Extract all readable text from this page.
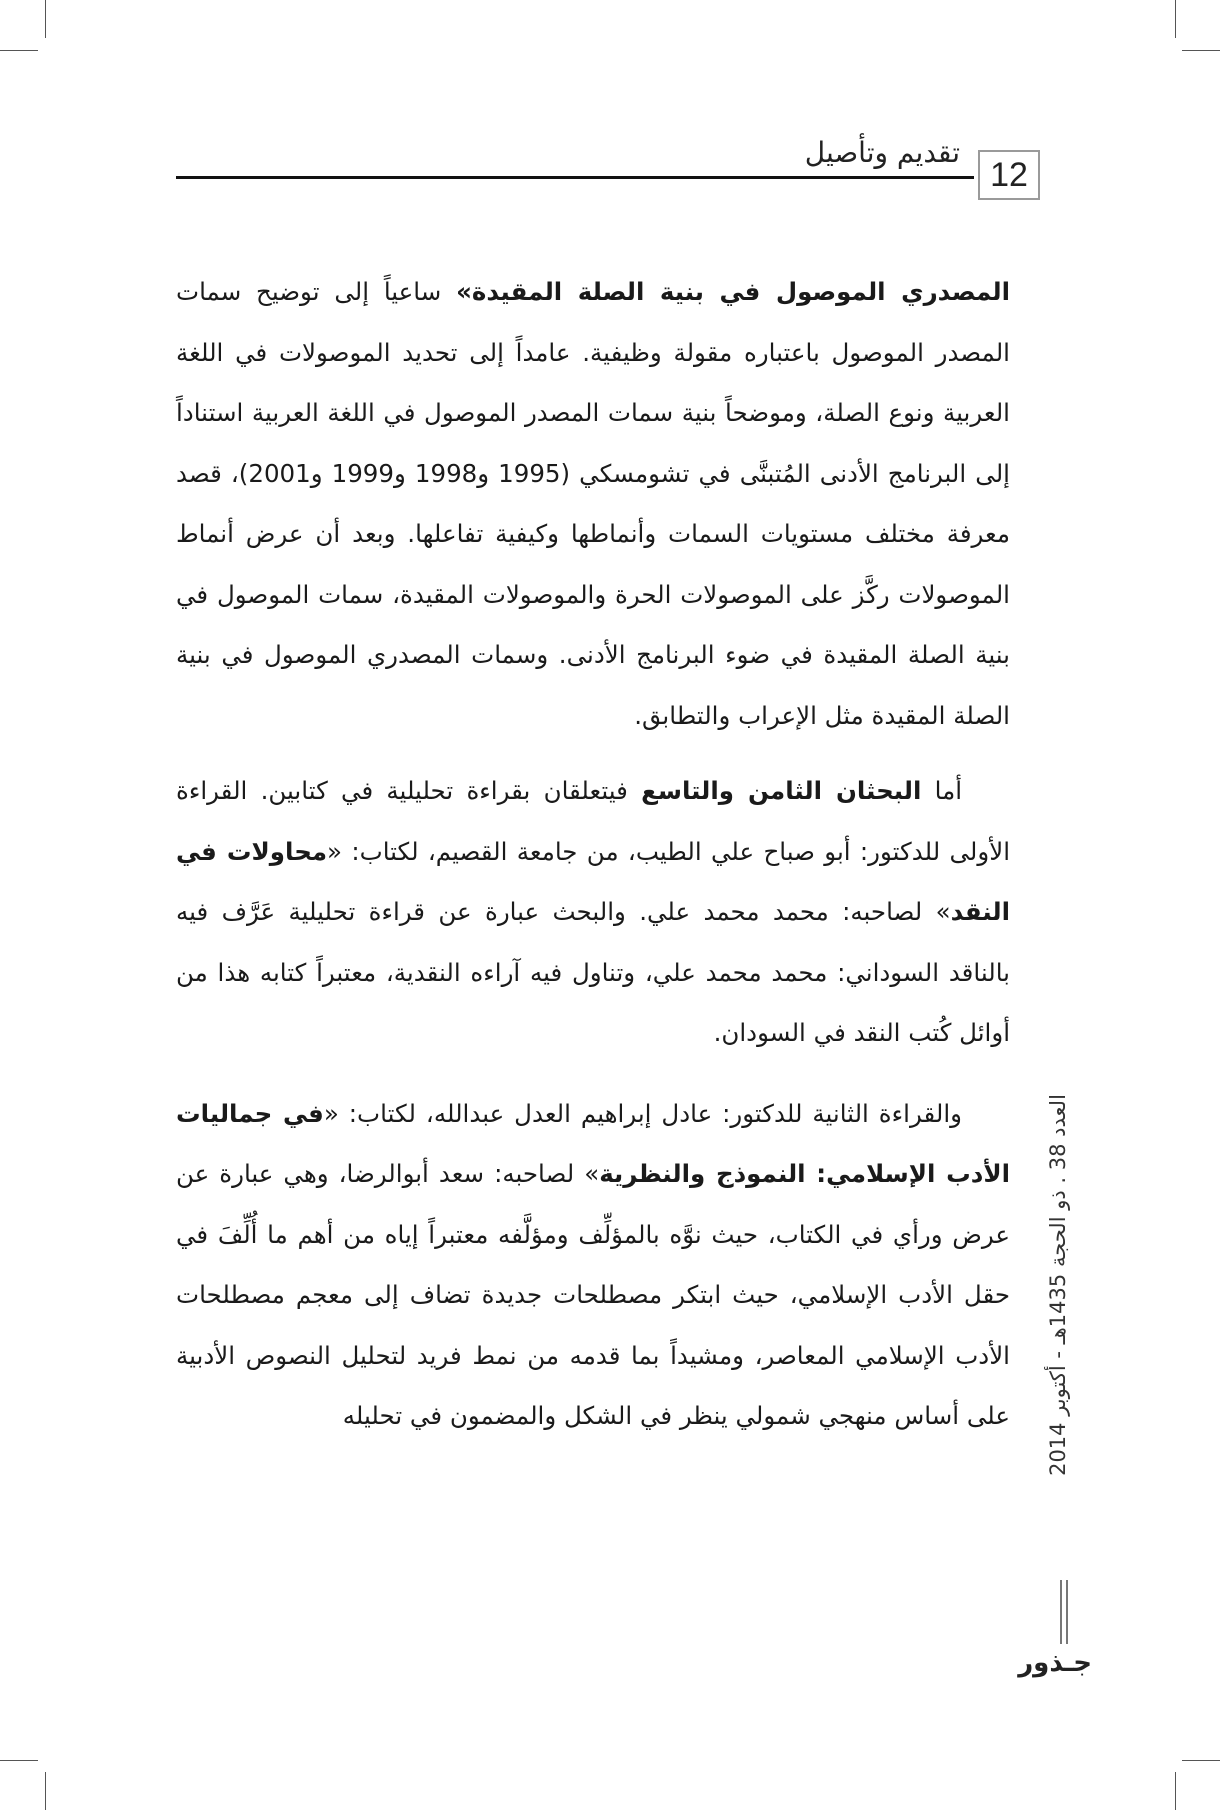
تقديم وتأصيل
12

المصدري الموصول في بنية الصلة المقيدة» ساعياً إلى توضيح سمات المصدر الموصول باعتباره مقولة وظيفية. عامداً إلى تحديد الموصولات في اللغة العربية ونوع الصلة، وموضحاً بنية سمات المصدر الموصول في اللغة العربية استناداً إلى البرنامج الأدنى المُتبنَّى في تشومسكي (1995 و1998 و1999 و2001)، قصد معرفة مختلف مستويات السمات وأنماطها وكيفية تفاعلها. وبعد أن عرض أنماط الموصولات ركَّز على الموصولات الحرة والموصولات المقيدة، سمات الموصول في بنية الصلة المقيدة في ضوء البرنامج الأدنى. وسمات المصدري الموصول في بنية الصلة المقيدة مثل الإعراب والتطابق.

أما البحثان الثامن والتاسع فيتعلقان بقراءة تحليلية في كتابين. القراءة الأولى للدكتور: أبو صباح علي الطيب، من جامعة القصيم، لكتاب: «محاولات في النقد» لصاحبه: محمد محمد علي. والبحث عبارة عن قراءة تحليلية عَرَّف فيه بالناقد السوداني: محمد محمد علي، وتناول فيه آراءه النقدية، معتبراً كتابه هذا من أوائل كُتب النقد في السودان.

والقراءة الثانية للدكتور: عادل إبراهيم العدل عبدالله، لكتاب: «في جماليات الأدب الإسلامي: النموذج والنظرية» لصاحبه: سعد أبوالرضا، وهي عبارة عن عرض ورأي في الكتاب، حيث نوَّه بالمؤلِّف ومؤلَّفه معتبراً إياه من أهم ما أُلِّفَ في حقل الأدب الإسلامي، حيث ابتكر مصطلحات جديدة تضاف إلى معجم مصطلحات الأدب الإسلامي المعاصر، ومشيداً بما قدمه من نمط فريد لتحليل النصوص الأدبية على أساس منهجي شمولي ينظر في الشكل والمضمون في تحليله

العدد 38 . ذو الحجة 1435هـ - أكتوبر 2014
جـذور
